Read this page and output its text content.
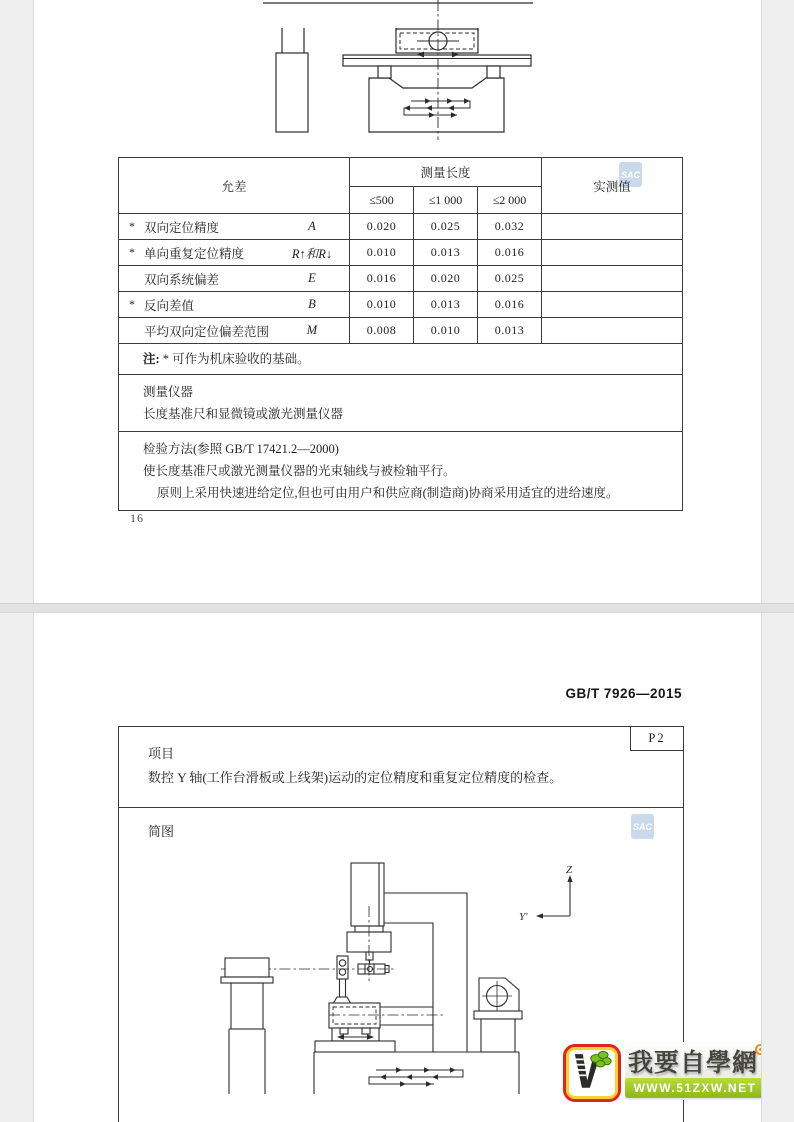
SAC
允差	测量长度			实测值
	≤500	≤1 000	≤2 000	

* 双向定位精度 A	0.020	0.025	0.032	

* 单向重复定位精度 R↑和R↓	0.010	0.013	0.016	

双向系统偏差 E	0.016	0.020	0.025	

* 反向差值 B	0.010	0.013	0.016	

平均双向定位偏差范围 M	0.008	0.010	0.013	

注: * 可作为机床验收的基础。				

测量仪器
长度基准尺和显微镜或激光测量仪器				

检验方法(参照 GB/T 17421.2—2000)
使长度基准尺或激光测量仪器的光束轴线与被检轴平行。
原则上采用快速进给定位,但也可由用户和供应商(制造商)协商采用适宜的进给速度。				
16
GB/T 7926—2015
P2
项目
数控 Y 轴(工作台滑板或上线架)运动的定位精度和重复定位精度的检查。
简图	SAC
Z
Y′
我要自學網
WWW.51ZXW.NET
